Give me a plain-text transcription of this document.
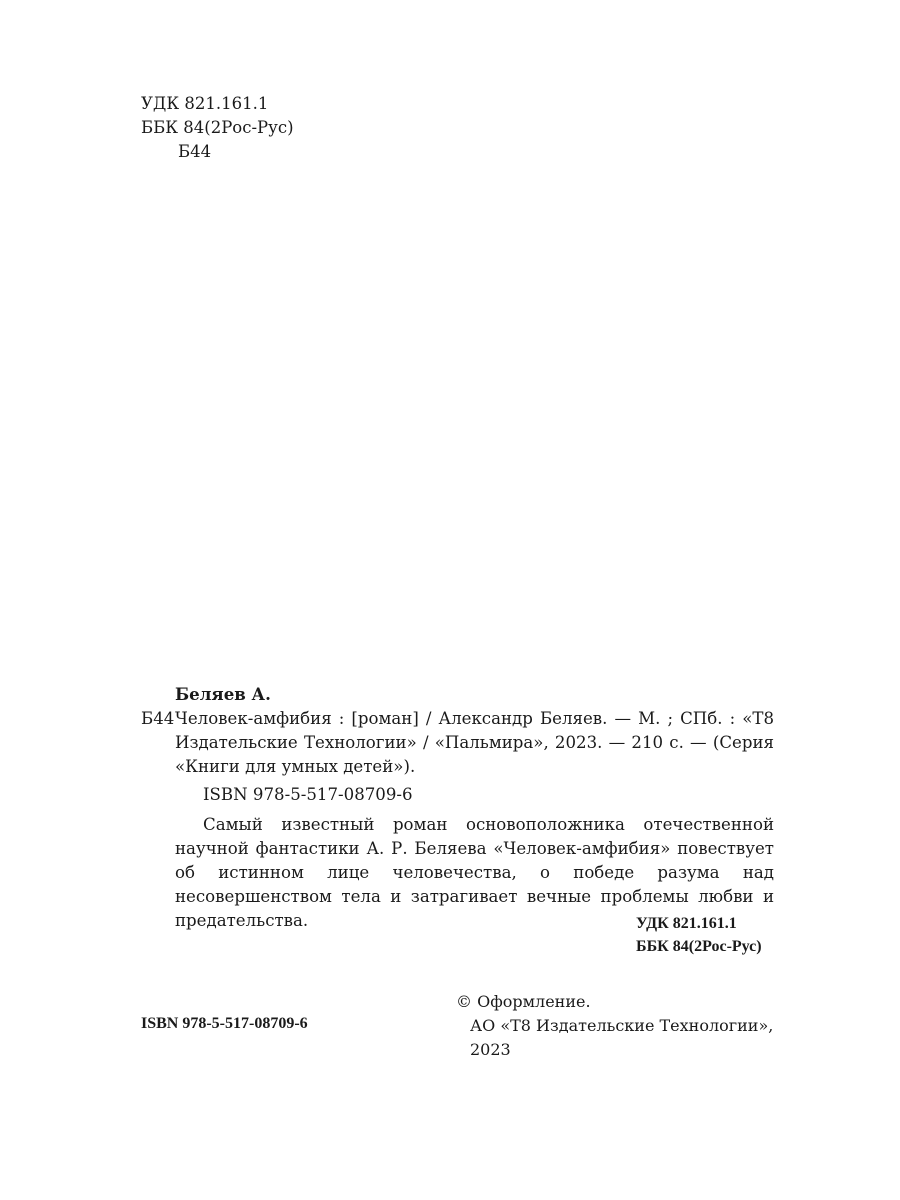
УДК 821.161.1
ББК 84(2Рос-Рус)
Б44
Беляев А.
Б44 Человек-амфибия : [роман] / Александр Беляев. — М. ; СПб. : «Т8 Издательские Технологии» / «Пальмира», 2023. — 210 с. — (Серия «Книги для умных детей»).
ISBN 978-5-517-08709-6
Самый известный роман основоположника отечественной научной фантастики А. Р. Беляева «Человек-амфибия» повествует об истинном лице человечества, о победе разума над несовершенством тела и затрагивает вечные проблемы любви и предательства.	УДК 821.161.1
ББК 84(2Рос-Рус)
ISBN 978-5-517-08709-6
© Оформление.
АО «Т8 Издательские Технологии», 2023
